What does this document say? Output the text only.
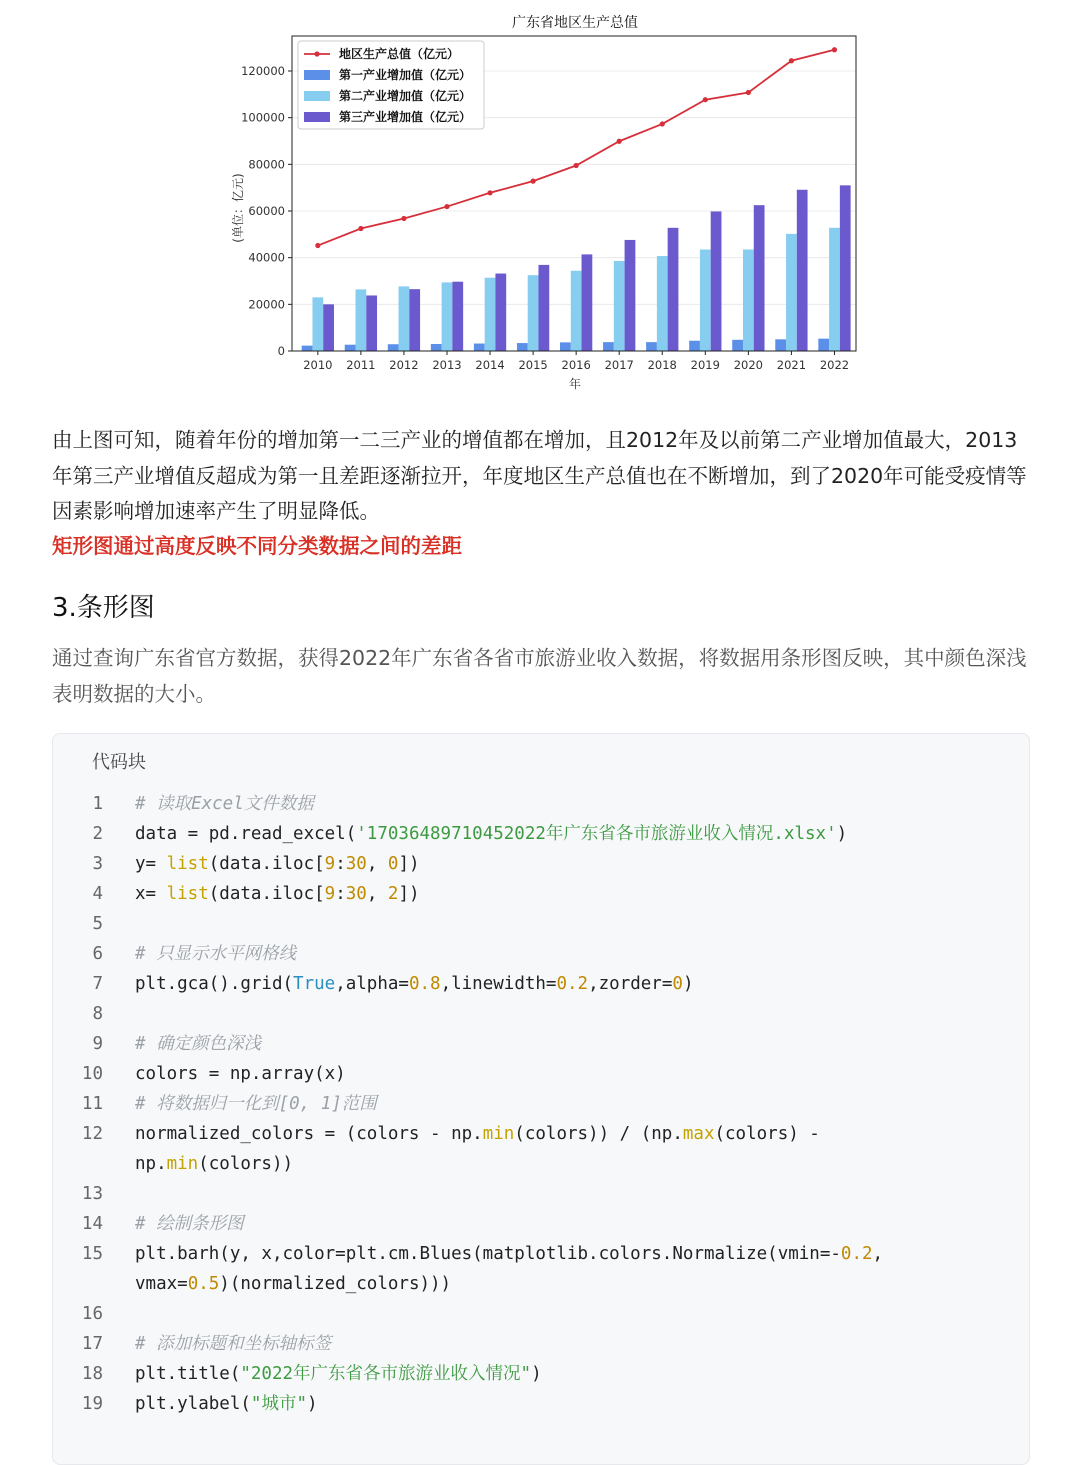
广东省地区生产总值
0
20000
40000
60000
80000
100000
120000
2010 2011 2012 2013 2014 2015 2016 2017 2018 2019 2020 2021 2022
年
(单位：亿元)
地区生产总值（亿元）
第一产业增加值（亿元）
第二产业增加值（亿元）
第三产业增加值（亿元）

由上图可知，随着年份的增加第一二三产业的增值都在增加，且2012年及以前第二产业增加值最大，2013年第三产业增值反超成为第一且差距逐渐拉开，年度地区生产总值也在不断增加，到了2020年可能受疫情等因素影响增加速率产生了明显降低。

矩形图通过高度反映不同分类数据之间的差距

3.条形图

通过查询广东省官方数据，获得2022年广东省各省市旅游业收入数据，将数据用条形图反映，其中颜色深浅表明数据的大小。

代码块
1 # 读取Excel文件数据
2 data = pd.read_excel('17036489710452022年广东省各市旅游业收入情况.xlsx')
3 y= list(data.iloc[9:30, 0])
4 x= list(data.iloc[9:30, 2])
5

6 # 只显示水平网格线
7 plt.gca().grid(True,alpha=0.8,linewidth=0.2,zorder=0)
8

9 # 确定颜色深浅
10 colors = np.array(x)
11 # 将数据归一化到[0, 1]范围
12 normalized_colors = (colors - np.min(colors)) / (np.max(colors) - np.min(colors))
13

14 # 绘制条形图
15 plt.barh(y, x,color=plt.cm.Blues(matplotlib.colors.Normalize(vmin=-0.2, vmax=0.5)(normalized_colors)))
16

17 # 添加标题和坐标轴标签
18 plt.title("2022年广东省各市旅游业收入情况")
19 plt.ylabel("城市")
